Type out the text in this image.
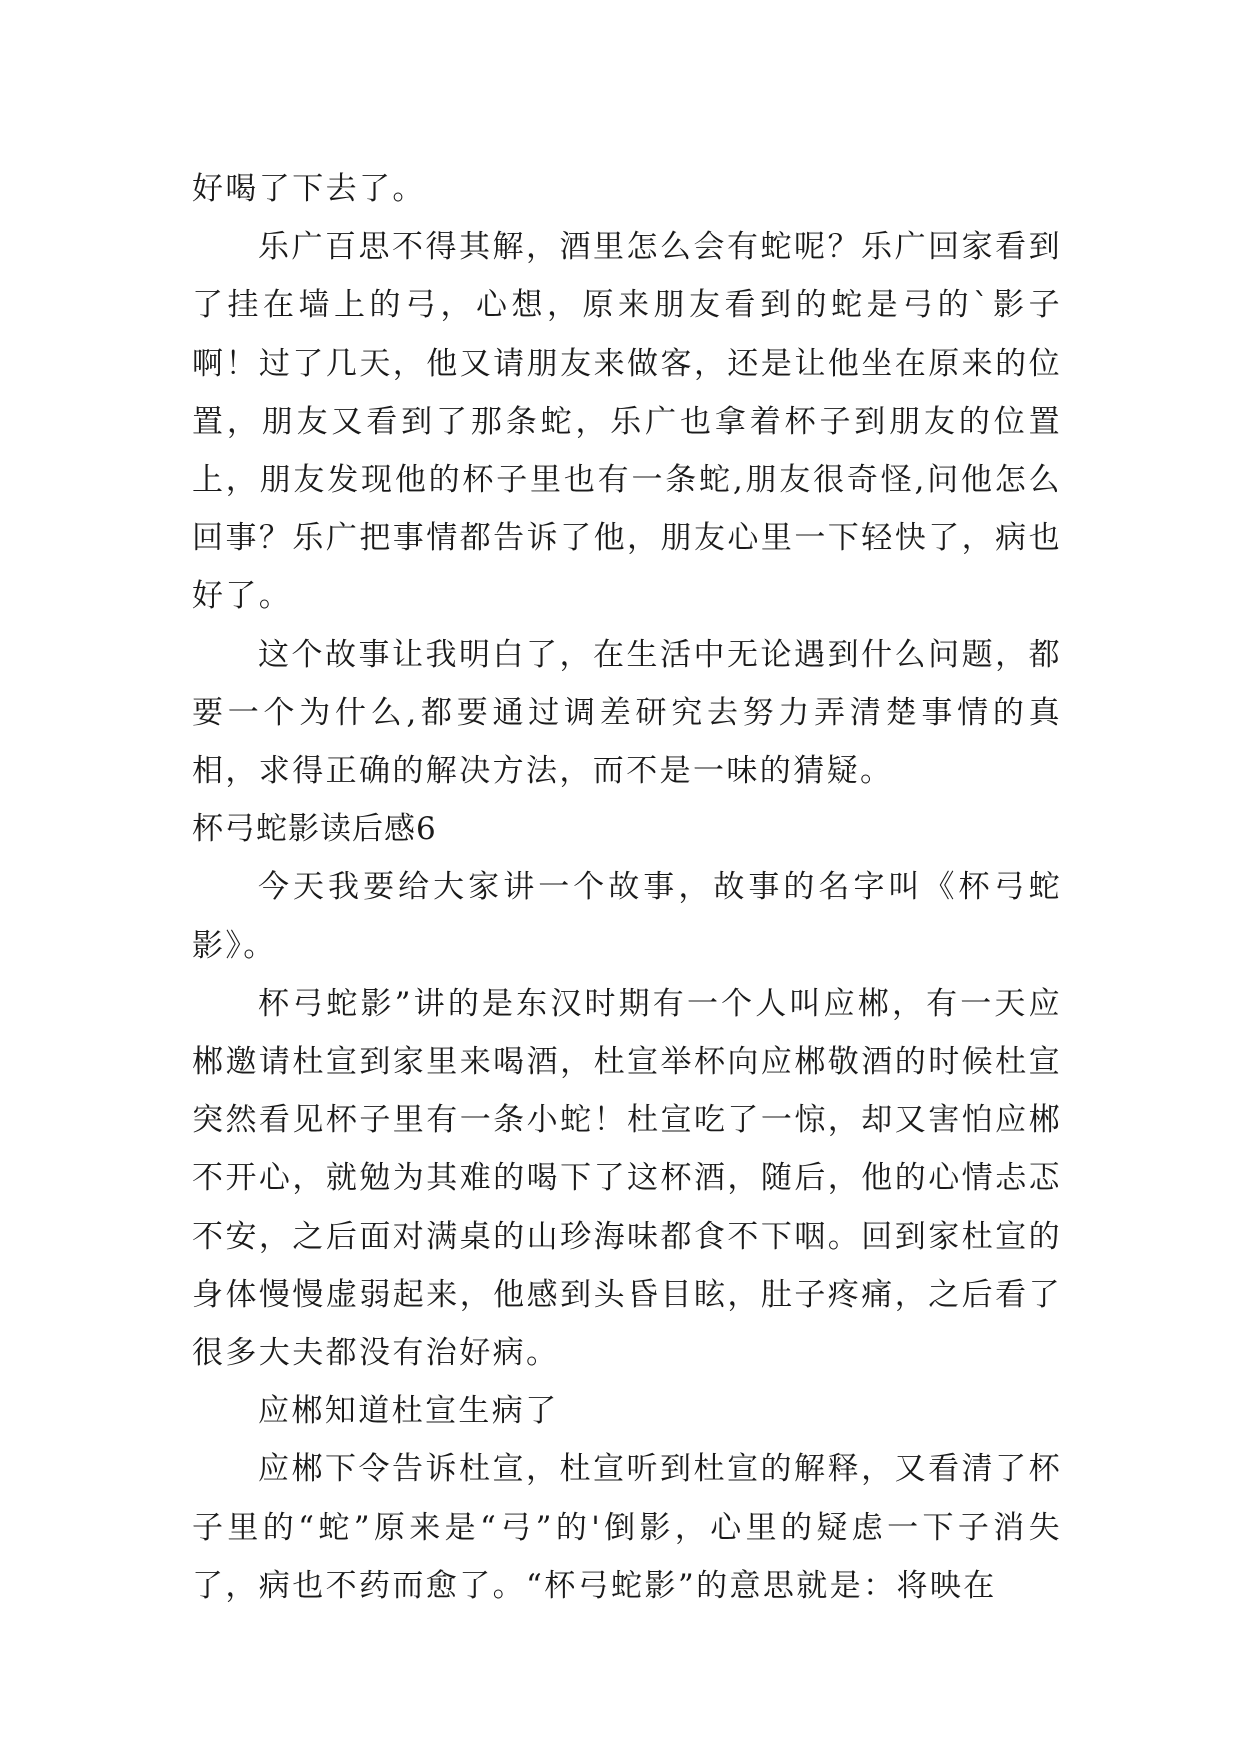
好喝了下去了。

乐广百思不得其解，酒里怎么会有蛇呢？乐广回家看到了挂在墙上的弓，心想，原来朋友看到的蛇是弓的`影子啊！过了几天，他又请朋友来做客，还是让他坐在原来的位置，朋友又看到了那条蛇，乐广也拿着杯子到朋友的位置上，朋友发现他的杯子里也有一条蛇,朋友很奇怪,问他怎么回事？乐广把事情都告诉了他，朋友心里一下轻快了，病也好了。

这个故事让我明白了，在生活中无论遇到什么问题，都要一个为什么,都要通过调差研究去努力弄清楚事情的真相，求得正确的解决方法，而不是一味的猜疑。

杯弓蛇影读后感6

今天我要给大家讲一个故事，故事的名字叫《杯弓蛇影》。

杯弓蛇影”讲的是东汉时期有一个人叫应郴，有一天应郴邀请杜宣到家里来喝酒，杜宣举杯向应郴敬酒的时候杜宣突然看见杯子里有一条小蛇！杜宣吃了一惊，却又害怕应郴不开心，就勉为其难的喝下了这杯酒，随后，他的心情忐忑不安，之后面对满桌的山珍海味都食不下咽。回到家杜宣的身体慢慢虚弱起来，他感到头昏目眩，肚子疼痛，之后看了很多大夫都没有治好病。

应郴知道杜宣生病了

应郴下令告诉杜宣，杜宣听到杜宣的解释，又看清了杯子里的“蛇”原来是“弓”的'倒影，心里的疑虑一下子消失了，病也不药而愈了。“杯弓蛇影”的意思就是：将映在
